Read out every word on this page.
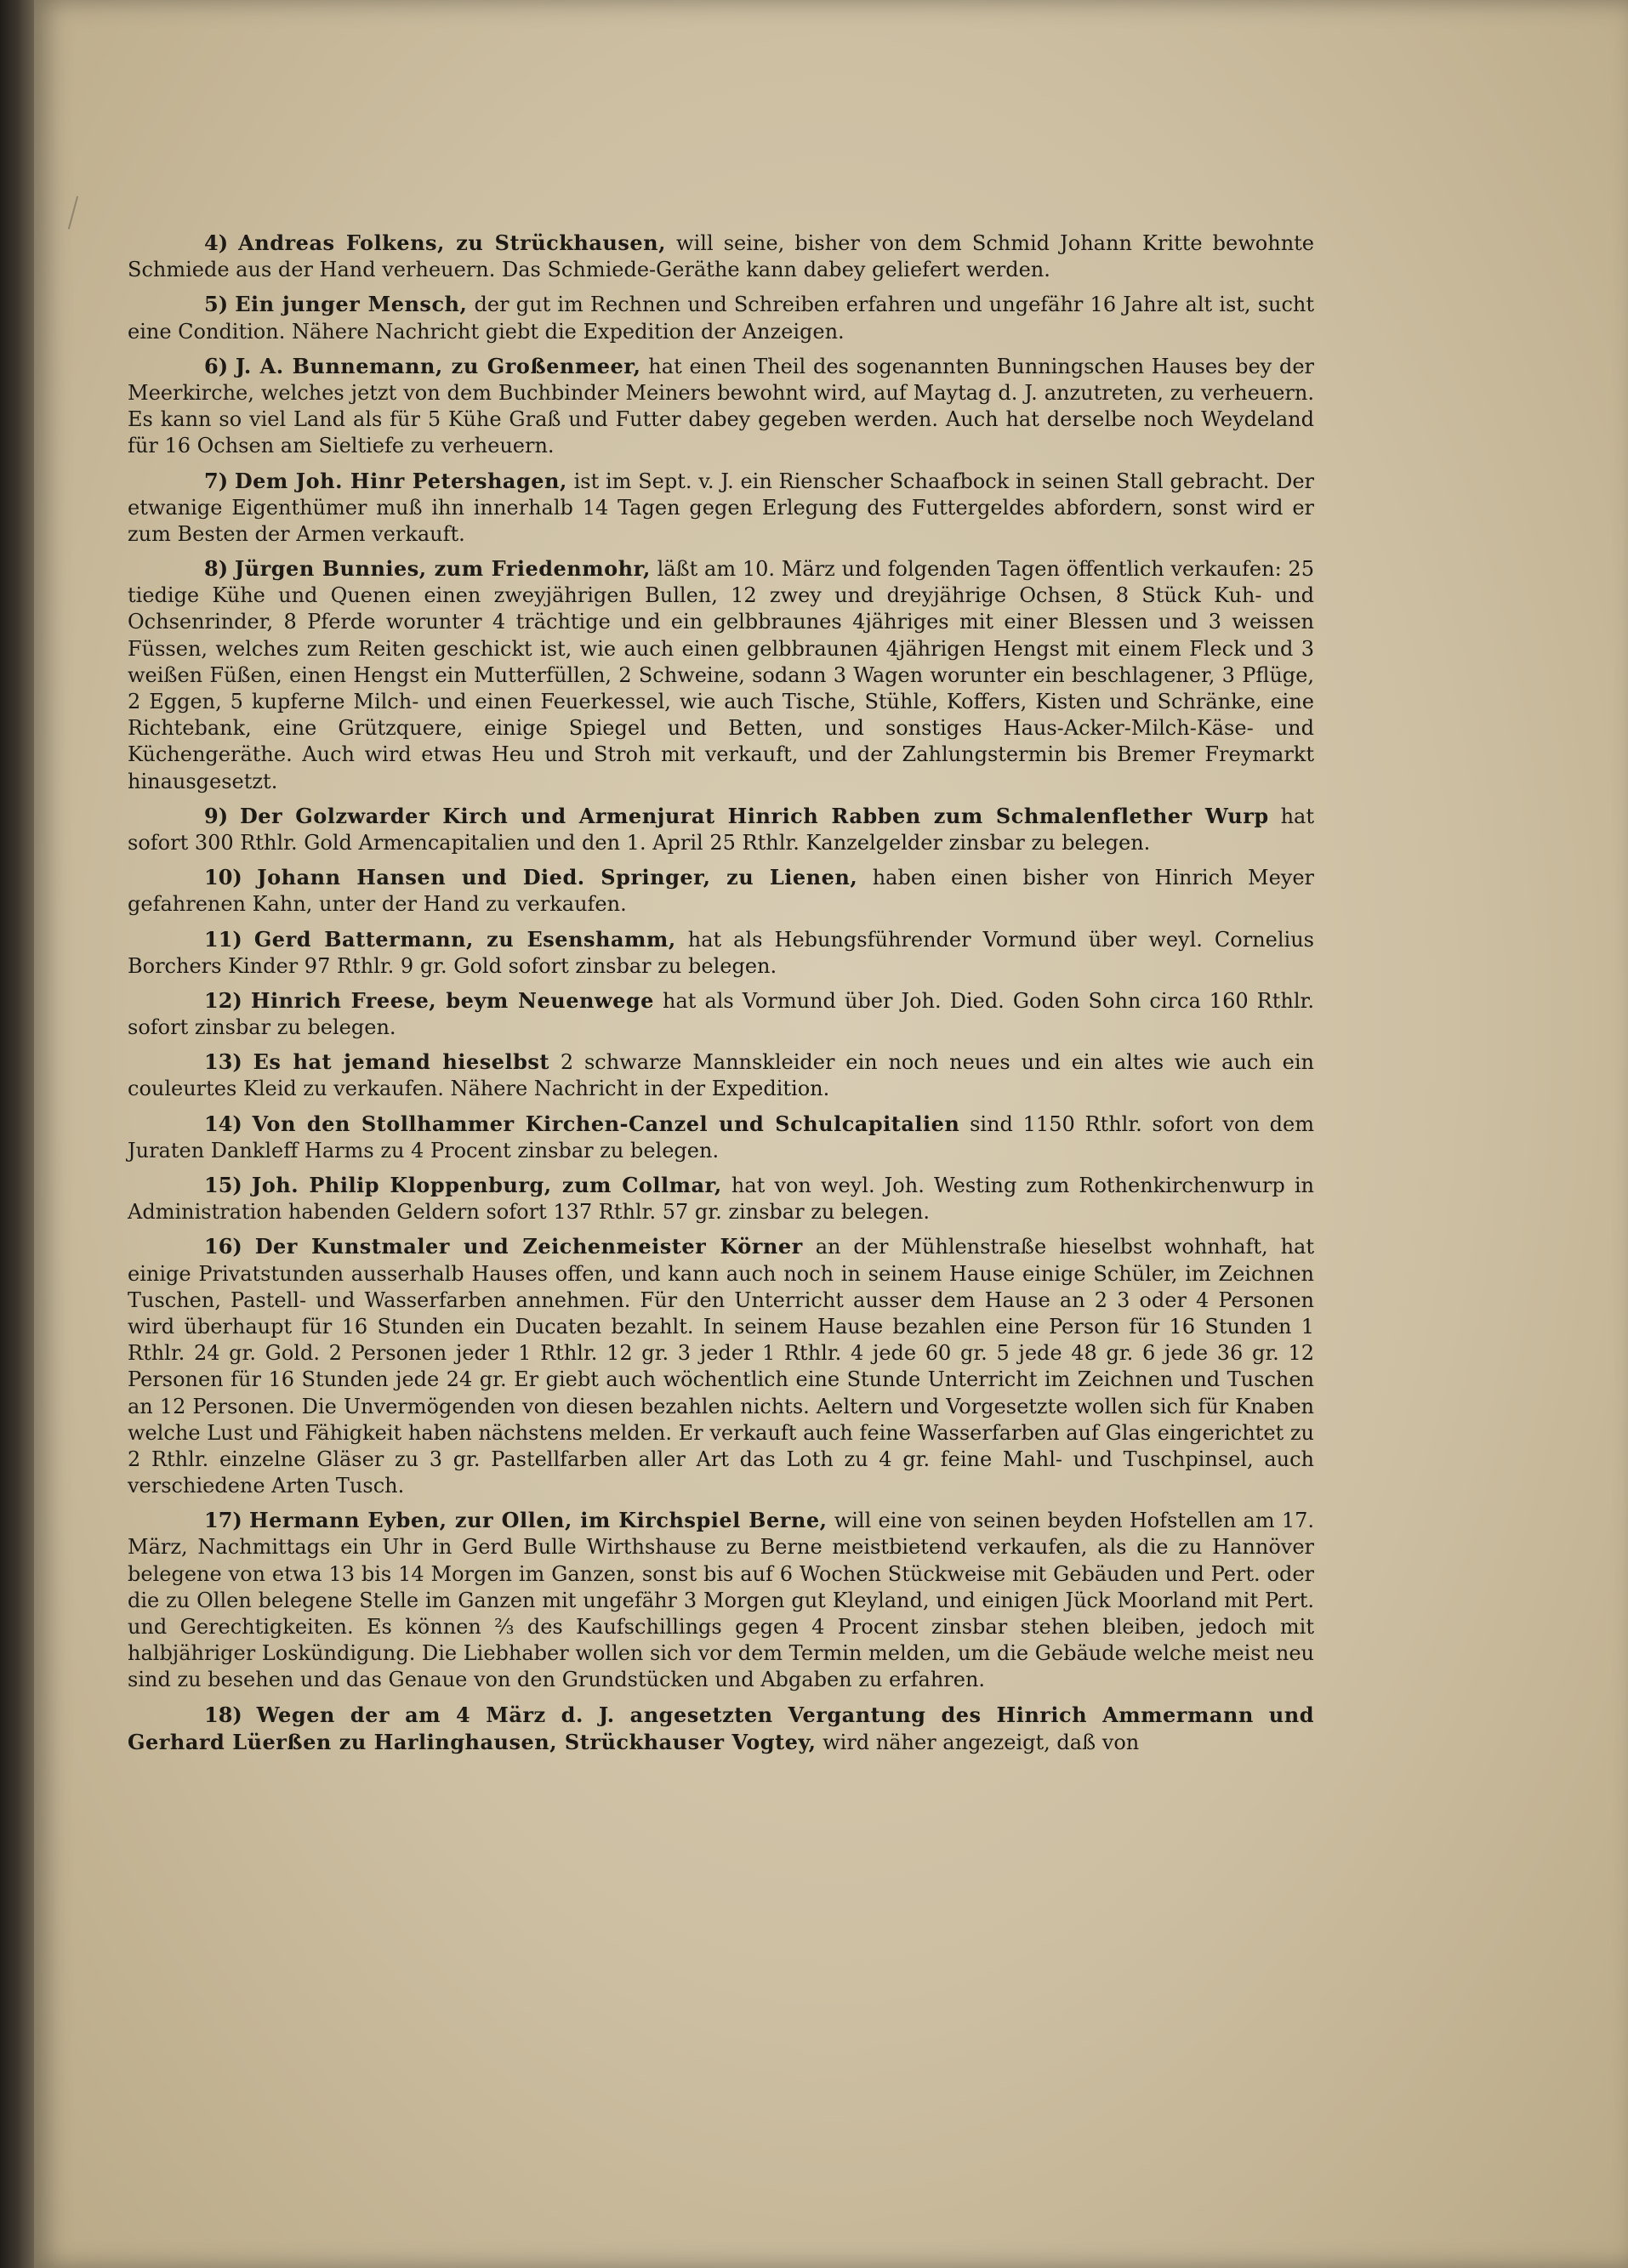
4) Andreas Folkens, zu Strückhausen, will seine, bisher von dem Schmid Johann Kritte bewohnte Schmiede aus der Hand verheuern. Das Schmiede-Geräthe kann dabey geliefert werden.

5) Ein junger Mensch, der gut im Rechnen und Schreiben erfahren und ungefähr 16 Jahre alt ist, sucht eine Condition. Nähere Nachricht giebt die Expedition der Anzeigen.

6) J. A. Bunnemann, zu Großenmeer, hat einen Theil des sogenannten Bunningschen Hauses bey der Meerkirche, welches jetzt von dem Buchbinder Meiners bewohnt wird, auf Maytag d. J. anzutreten, zu verheuern. Es kann so viel Land als für 5 Kühe Graß und Futter dabey gegeben werden. Auch hat derselbe noch Weydeland für 16 Ochsen am Sieltiefe zu verheuern.

7) Dem Joh. Hinr Petershagen, ist im Sept. v. J. ein Rienscher Schaafbock in seinen Stall gebracht. Der etwanige Eigenthümer muß ihn innerhalb 14 Tagen gegen Erlegung des Futtergeldes abfordern, sonst wird er zum Besten der Armen verkauft.

8) Jürgen Bunnies, zum Friedenmohr, läßt am 10. März und folgenden Tagen öffentlich verkaufen: 25 tiedige Kühe und Quenen einen zweyjährigen Bullen, 12 zwey und dreyjährige Ochsen, 8 Stück Kuh- und Ochsenrinder, 8 Pferde worunter 4 trächtige und ein gelbbraunes 4jähriges mit einer Blessen und 3 weissen Füssen, welches zum Reiten geschickt ist, wie auch einen gelbbraunen 4jährigen Hengst mit einem Fleck und 3 weißen Füßen, einen Hengst ein Mutterfüllen, 2 Schweine, sodann 3 Wagen worunter ein beschlagener, 3 Pflüge, 2 Eggen, 5 kupferne Milch- und einen Feuerkessel, wie auch Tische, Stühle, Koffers, Kisten und Schränke, eine Richtebank, eine Grützquere, einige Spiegel und Betten, und sonstiges Haus-Acker-Milch-Käse- und Küchengeräthe. Auch wird etwas Heu und Stroh mit verkauft, und der Zahlungstermin bis Bremer Freymarkt hinausgesetzt.

9) Der Golzwarder Kirch und Armenjurat Hinrich Rabben zum Schmalenflether Wurp hat sofort 300 Rthlr. Gold Armencapitalien und den 1. April 25 Rthlr. Kanzelgelder zinsbar zu belegen.

10) Johann Hansen und Died. Springer, zu Lienen, haben einen bisher von Hinrich Meyer gefahrenen Kahn, unter der Hand zu verkaufen.

11) Gerd Battermann, zu Esenshamm, hat als Hebungsführender Vormund über weyl. Cornelius Borchers Kinder 97 Rthlr. 9 gr. Gold sofort zinsbar zu belegen.

12) Hinrich Freese, beym Neuenwege hat als Vormund über Joh. Died. Goden Sohn circa 160 Rthlr. sofort zinsbar zu belegen.

13) Es hat jemand hieselbst 2 schwarze Mannskleider ein noch neues und ein altes wie auch ein couleurtes Kleid zu verkaufen. Nähere Nachricht in der Expedition.

14) Von den Stollhammer Kirchen-Canzel und Schulcapitalien sind 1150 Rthlr. sofort von dem Juraten Dankleff Harms zu 4 Procent zinsbar zu belegen.

15) Joh. Philip Kloppenburg, zum Collmar, hat von weyl. Joh. Westing zum Rothenkirchenwurp in Administration habenden Geldern sofort 137 Rthlr. 57 gr. zinsbar zu belegen.

16) Der Kunstmaler und Zeichenmeister Körner an der Mühlenstraße hieselbst wohnhaft, hat einige Privatstunden ausserhalb Hauses offen, und kann auch noch in seinem Hause einige Schüler, im Zeichnen Tuschen, Pastell- und Wasserfarben annehmen. Für den Unterricht ausser dem Hause an 2 3 oder 4 Personen wird überhaupt für 16 Stunden ein Ducaten bezahlt. In seinem Hause bezahlen eine Person für 16 Stunden 1 Rthlr. 24 gr. Gold. 2 Personen jeder 1 Rthlr. 12 gr. 3 jeder 1 Rthlr. 4 jede 60 gr. 5 jede 48 gr. 6 jede 36 gr. 12 Personen für 16 Stunden jede 24 gr. Er giebt auch wöchentlich eine Stunde Unterricht im Zeichnen und Tuschen an 12 Personen. Die Unvermögenden von diesen bezahlen nichts. Aeltern und Vorgesetzte wollen sich für Knaben welche Lust und Fähigkeit haben nächstens melden. Er verkauft auch feine Wasserfarben auf Glas eingerichtet zu 2 Rthlr. einzelne Gläser zu 3 gr. Pastellfarben aller Art das Loth zu 4 gr. feine Mahl- und Tuschpinsel, auch verschiedene Arten Tusch.

17) Hermann Eyben, zur Ollen, im Kirchspiel Berne, will eine von seinen beyden Hofstellen am 17. März, Nachmittags ein Uhr in Gerd Bulle Wirthshause zu Berne meistbietend verkaufen, als die zu Hannöver belegene von etwa 13 bis 14 Morgen im Ganzen, sonst bis auf 6 Wochen Stückweise mit Gebäuden und Pert. oder die zu Ollen belegene Stelle im Ganzen mit ungefähr 3 Morgen gut Kleyland, und einigen Jück Moorland mit Pert. und Gerechtigkeiten. Es können ⅔ des Kaufschillings gegen 4 Procent zinsbar stehen bleiben, jedoch mit halbjähriger Loskündigung. Die Liebhaber wollen sich vor dem Termin melden, um die Gebäude welche meist neu sind zu besehen und das Genaue von den Grundstücken und Abgaben zu erfahren.

18) Wegen der am 4 März d. J. angesetzten Vergantung des Hinrich Ammermann und Gerhard Lüerßen zu Harlinghausen, Strückhauser Vogtey, wird näher angezeigt, daß von
